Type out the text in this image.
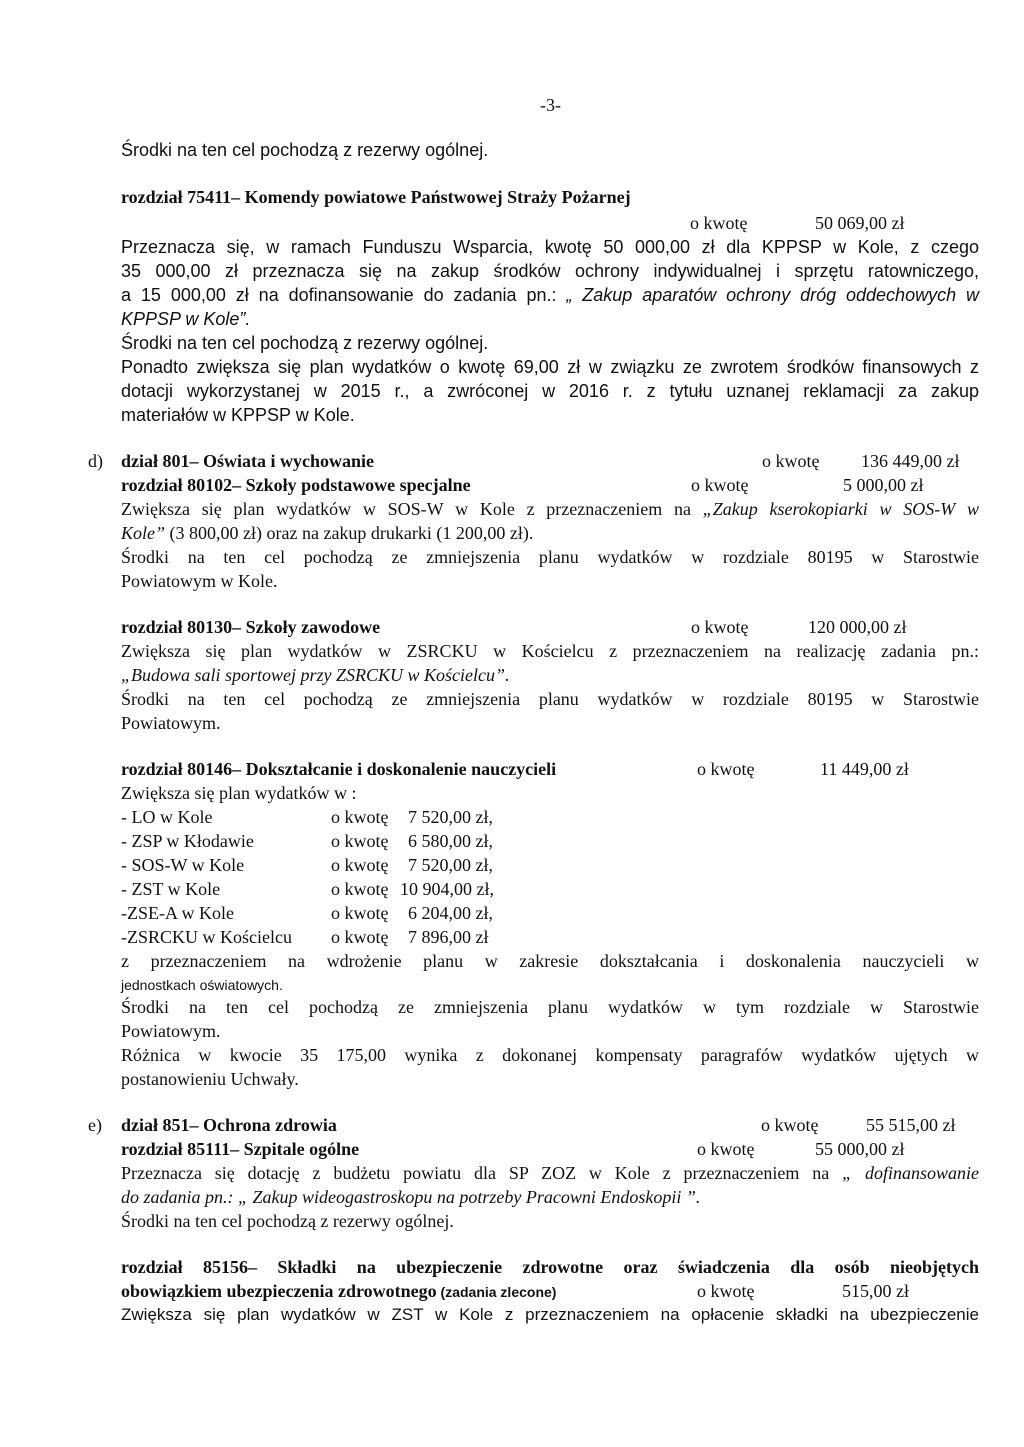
-3-
Środki na ten cel pochodzą z rezerwy ogólnej.
rozdział 75411– Komendy powiatowe Państwowej Straży Pożarnej
o kwotę	50 069,00 zł
Przeznacza się, w ramach Funduszu Wsparcia, kwotę 50 000,00 zł dla KPPSP w Kole, z czego
35 000,00 zł przeznacza się na zakup środków ochrony indywidualnej i sprzętu ratowniczego,
a 15 000,00 zł na dofinansowanie do zadania pn.: „ Zakup aparatów ochrony dróg oddechowych w
KPPSP w Kole”.
Środki na ten cel pochodzą z rezerwy ogólnej.
Ponadto zwiększa się plan wydatków o kwotę 69,00 zł w związku ze zwrotem środków finansowych z
dotacji wykorzystanej w 2015 r., a zwróconej w 2016 r. z tytułu uznanej reklamacji za zakup
materiałów w KPPSP w Kole.
d) dział 801– Oświata i wychowanie	o kwotę 136 449,00 zł
rozdział 80102– Szkoły podstawowe specjalne	o kwotę	5 000,00 zł
Zwiększa się plan wydatków w SOS-W w Kole z przeznaczeniem na „Zakup kserokopiarki w SOS-W w
Kole” (3 800,00 zł) oraz na zakup drukarki (1 200,00 zł).
Środki na ten cel pochodzą ze zmniejszenia planu wydatków w rozdziale 80195 w Starostwie
Powiatowym w Kole.
rozdział 80130– Szkoły zawodowe	o kwotę	120 000,00 zł
Zwiększa się plan wydatków w ZSRCKU w Kościelcu z przeznaczeniem na realizację zadania pn.:
„Budowa sali sportowej przy ZSRCKU w Kościelcu”.
Środki na ten cel pochodzą ze zmniejszenia planu wydatków w rozdziale 80195 w Starostwie
Powiatowym.
rozdział 80146– Dokształcanie i doskonalenie nauczycieli	o kwotę	11 449,00 zł
Zwiększa się plan wydatków w :
- LO w Kole	o kwotę 7 520,00 zł,
- ZSP w Kłodawie	o kwotę 6 580,00 zł,
- SOS-W w Kole	o kwotę 7 520,00 zł,
- ZST w Kole	o kwotę 10 904,00 zł,
-ZSE-A w Kole	o kwotę 6 204,00 zł,
-ZSRCKU w Kościelcu o kwotę 7 896,00 zł
z przeznaczeniem na wdrożenie planu w zakresie dokształcania i doskonalenia nauczycieli w
jednostkach oświatowych.
Środki na ten cel pochodzą ze zmniejszenia planu wydatków w tym rozdziale w Starostwie
Powiatowym.
Różnica w kwocie 35 175,00 wynika z dokonanej kompensaty paragrafów wydatków ujętych w
postanowieniu Uchwały.
e) dział 851– Ochrona zdrowia	o kwotę	55 515,00 zł
rozdział 85111– Szpitale ogólne	o kwotę	55 000,00 zł
Przeznacza się dotację z budżetu powiatu dla SP ZOZ w Kole z przeznaczeniem na „ dofinansowanie
do zadania pn.: „ Zakup wideogastroskopu na potrzeby Pracowni Endoskopii ”.
Środki na ten cel pochodzą z rezerwy ogólnej.
rozdział 85156– Składki na ubezpieczenie zdrowotne oraz świadczenia dla osób nieobjętych
obowiązkiem ubezpieczenia zdrowotnego (zadania zlecone)	o kwotę	515,00 zł
Zwiększa się plan wydatków w ZST w Kole z przeznaczeniem na opłacenie składki na ubezpieczenie
